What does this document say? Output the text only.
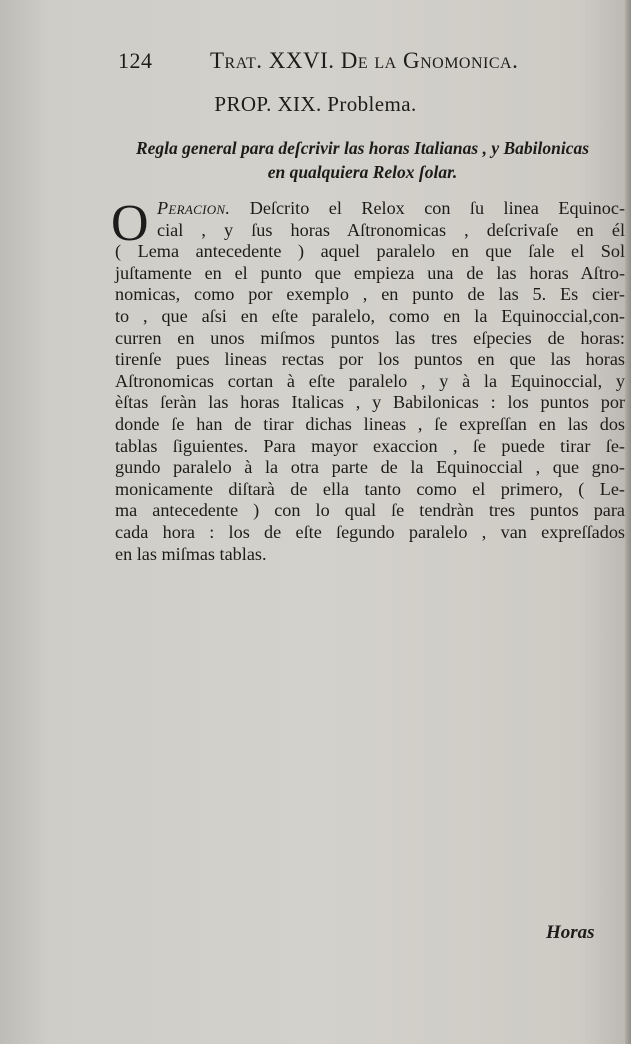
124	Trat. XXVI. De la Gnomonica.
PROP. XIX. Problema.
Regla general para deſcrivir las horas Italianas , y Babilonicas
en qualquiera Relox ſolar.
O Peracion. Deſcrito el Relox con ſu linea Equinoc-
cial , y ſus horas Aſtronomicas , deſcrivaſe en él
( Lema antecedente ) aquel paralelo en que ſale el Sol
juſtamente en el punto que empieza una de las horas Aſtro-
nomicas, como por exemplo , en punto de las 5. Es cier-
to , que aſsi en eſte paralelo, como en la Equinoccial,con-
curren en unos miſmos puntos las tres eſpecies de horas:
tirenſe pues lineas rectas por los puntos en que las horas
Aſtronomicas cortan à eſte paralelo , y à la Equinoccial, y
èſtas ſeràn las horas Italicas , y Babilonicas : los puntos por
donde ſe han de tirar dichas lineas , ſe expreſſan en las dos
tablas ſiguientes. Para mayor exaccion , ſe puede tirar ſe-
gundo paralelo à la otra parte de la Equinoccial , que gno-
monicamente diſtarà de ella tanto como el primero, ( Le-
ma antecedente ) con lo qual ſe tendràn tres puntos para
cada hora : los de eſte ſegundo paralelo , van expreſſados
en las miſmas tablas.
Horas
